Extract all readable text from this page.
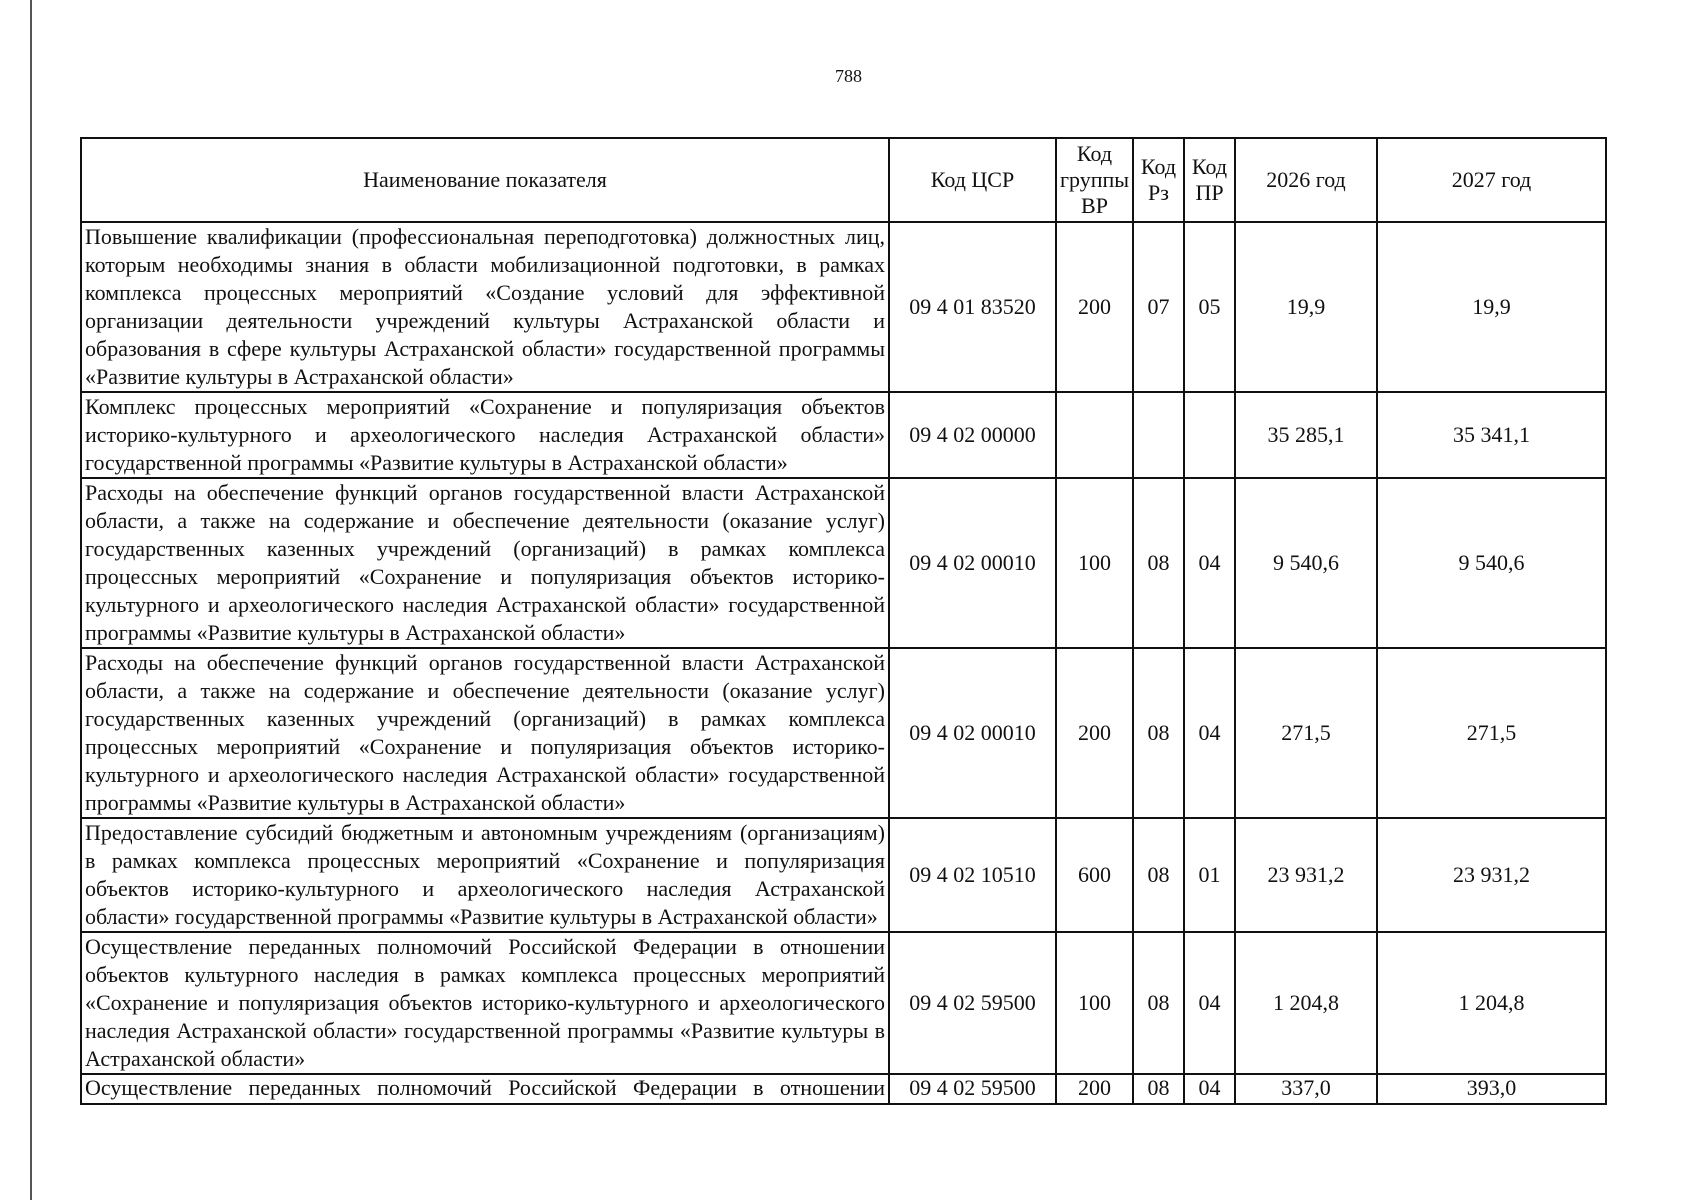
788
Наименование показателя	Код ЦСР	Код группы ВР	Код Рз	Код ПР	2026 год	2027 год
Повышение квалификации (профессиональная переподготовка) должностных лиц, которым необходимы знания в области мобилизационной подготовки, в рамках комплекса процессных мероприятий «Создание условий для эффективной организации деятельности учреждений культуры Астраханской области и образования в сфере культуры Астраханской области» государственной программы «Развитие культуры в Астраханской области»	09 4 01 83520	200	07	05	19,9	19,9
Комплекс процессных мероприятий «Сохранение и популяризация объектов историко-культурного и археологического наследия Астраханской области» государственной программы «Развитие культуры в Астраханской области»	09 4 02 00000				35 285,1	35 341,1
Расходы на обеспечение функций органов государственной власти Астраханской области, а также на содержание и обеспечение деятельности (оказание услуг) государственных казенных учреждений (организаций) в рамках комплекса процессных мероприятий «Сохранение и популяризация объектов историко-культурного и археологического наследия Астраханской области» государственной программы «Развитие культуры в Астраханской области»	09 4 02 00010	100	08	04	9 540,6	9 540,6
Расходы на обеспечение функций органов государственной власти Астраханской области, а также на содержание и обеспечение деятельности (оказание услуг) государственных казенных учреждений (организаций) в рамках комплекса процессных мероприятий «Сохранение и популяризация объектов историко-культурного и археологического наследия Астраханской области» государственной программы «Развитие культуры в Астраханской области»	09 4 02 00010	200	08	04	271,5	271,5
Предоставление субсидий бюджетным и автономным учреждениям (организациям) в рамках комплекса процессных мероприятий «Сохранение и популяризация объектов историко-культурного и археологического наследия Астраханской области» государственной программы «Развитие культуры в Астраханской области»	09 4 02 10510	600	08	01	23 931,2	23 931,2
Осуществление переданных полномочий Российской Федерации в отношении объектов культурного наследия в рамках комплекса процессных мероприятий «Сохранение и популяризация объектов историко-культурного и археологического наследия Астраханской области» государственной программы «Развитие культуры в Астраханской области»	09 4 02 59500	100	08	04	1 204,8	1 204,8
Осуществление переданных полномочий Российской Федерации в отношении	09 4 02 59500	200	08	04	337,0	393,0
